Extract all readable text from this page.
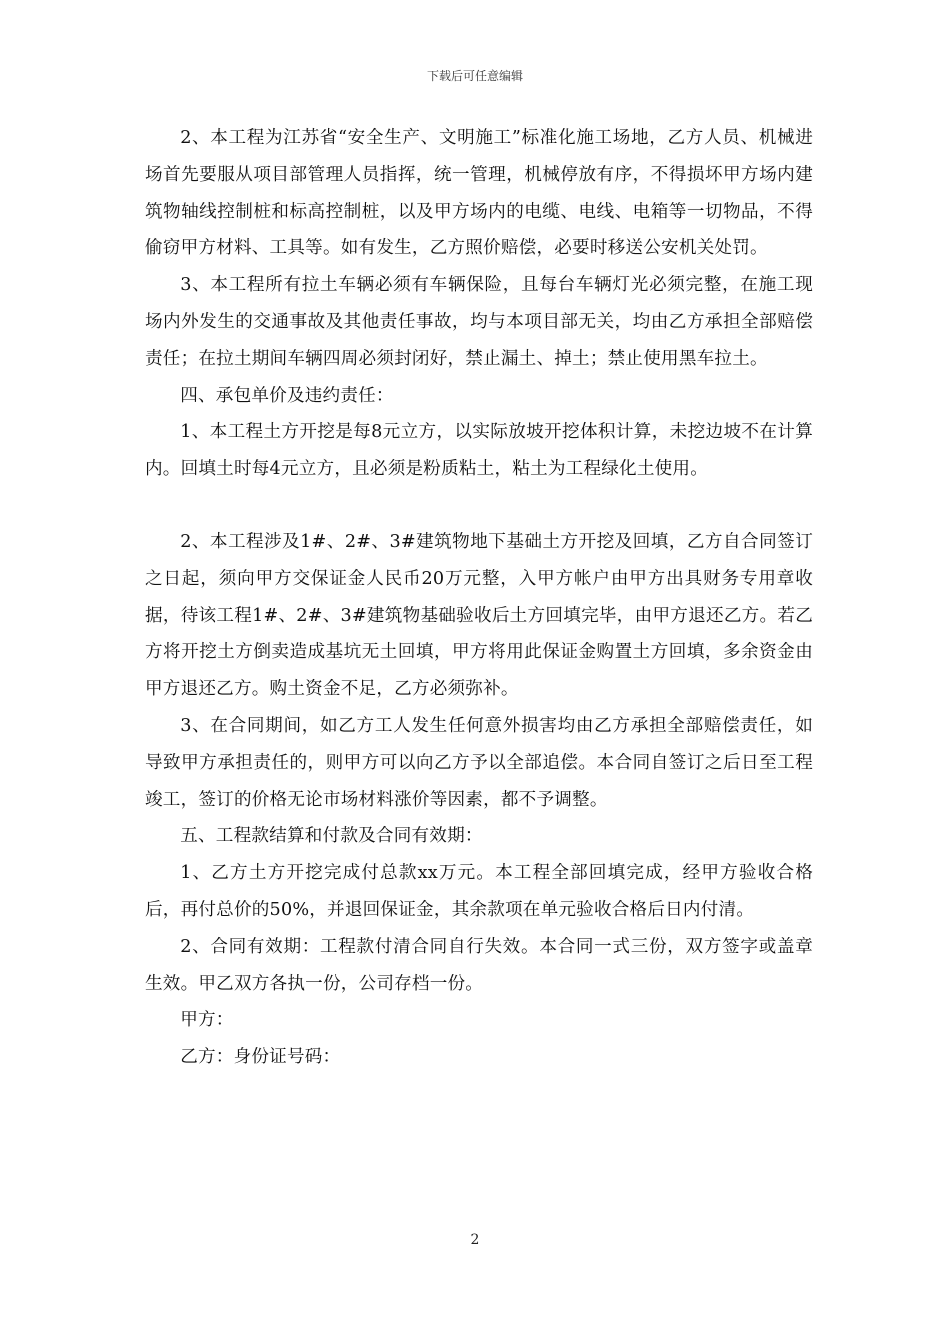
下载后可任意编辑

2、本工程为江苏省“安全生产、文明施工”标准化施工场地，乙方人员、机械进场首先要服从项目部管理人员指挥，统一管理，机械停放有序，不得损坏甲方场内建筑物轴线控制桩和标高控制桩，以及甲方场内的电缆、电线、电箱等一切物品，不得偷窃甲方材料、工具等。如有发生，乙方照价赔偿，必要时移送公安机关处罚。

3、本工程所有拉土车辆必须有车辆保险，且每台车辆灯光必须完整，在施工现场内外发生的交通事故及其他责任事故，均与本项目部无关，均由乙方承担全部赔偿责任；在拉土期间车辆四周必须封闭好，禁止漏土、掉土；禁止使用黑车拉土。

四、承包单价及违约责任：

1、本工程土方开挖是每8元立方，以实际放坡开挖体积计算，未挖边坡不在计算内。回填土时每4元立方，且必须是粉质粘土，粘土为工程绿化土使用。

2、本工程涉及1#、2#、3#建筑物地下基础土方开挖及回填，乙方自合同签订之日起，须向甲方交保证金人民币20万元整，入甲方帐户由甲方出具财务专用章收据，待该工程1#、2#、3#建筑物基础验收后土方回填完毕，由甲方退还乙方。若乙方将开挖土方倒卖造成基坑无土回填，甲方将用此保证金购置土方回填，多余资金由甲方退还乙方。购土资金不足，乙方必须弥补。

3、在合同期间，如乙方工人发生任何意外损害均由乙方承担全部赔偿责任，如导致甲方承担责任的，则甲方可以向乙方予以全部追偿。本合同自签订之后日至工程竣工，签订的价格无论市场材料涨价等因素，都不予调整。

五、工程款结算和付款及合同有效期：

1、乙方土方开挖完成付总款xx万元。本工程全部回填完成，经甲方验收合格后，再付总价的50%，并退回保证金，其余款项在单元验收合格后日内付清。

2、合同有效期：工程款付清合同自行失效。本合同一式三份，双方签字或盖章生效。甲乙双方各执一份，公司存档一份。

甲方：

乙方：身份证号码：

2
